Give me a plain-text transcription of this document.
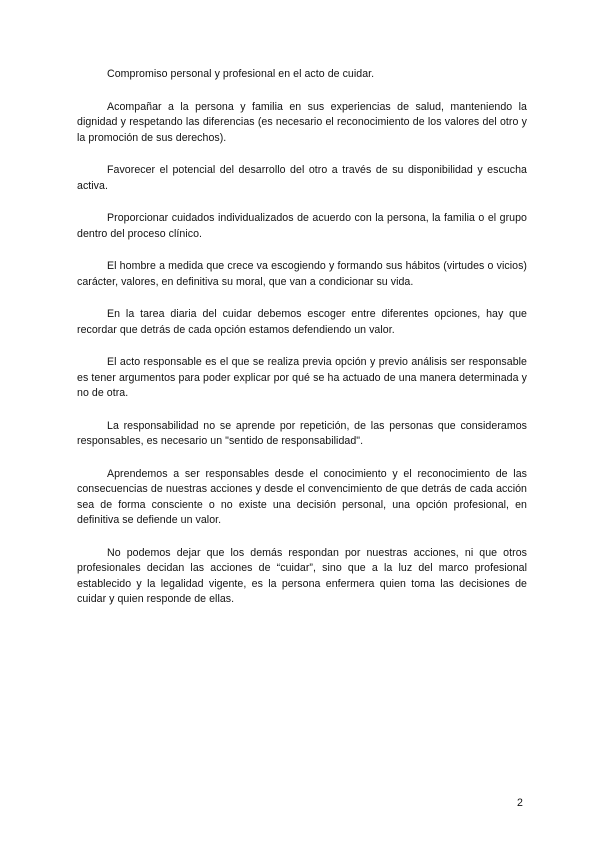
Compromiso personal y profesional en el acto de cuidar.

Acompañar a la persona y familia en sus experiencias de salud, manteniendo la dignidad y respetando las diferencias (es necesario el reconocimiento de los valores del otro y la promoción de sus derechos).

Favorecer el potencial del desarrollo del otro a través de su disponibilidad y escucha activa.

Proporcionar cuidados individualizados de acuerdo con la persona, la familia o el grupo dentro del proceso clínico.

El hombre a medida que crece va escogiendo y formando sus hábitos (virtudes o vicios) carácter, valores, en definitiva su moral, que van a condicionar su vida.

En la tarea diaria del cuidar debemos escoger entre diferentes opciones, hay que recordar que detrás de cada opción estamos defendiendo un valor.

El acto responsable es el que se realiza previa opción y previo análisis ser responsable es tener argumentos para poder explicar por qué se ha actuado de una manera determinada y no de otra.

La responsabilidad no se aprende por repetición, de las personas que consideramos responsables, es necesario un "sentido de responsabilidad".

Aprendemos a ser responsables desde el conocimiento y el reconocimiento de las consecuencias de nuestras acciones y desde el convencimiento de que detrás de cada acción sea de forma consciente o no existe una decisión personal, una opción profesional, en definitiva se defiende un valor.

No podemos dejar que los demás respondan por nuestras acciones, ni que otros profesionales decidan las acciones de “cuidar”, sino que a la luz del marco profesional establecido y la legalidad vigente, es la persona enfermera quien toma las decisiones de cuidar y quien responde de ellas.

2
